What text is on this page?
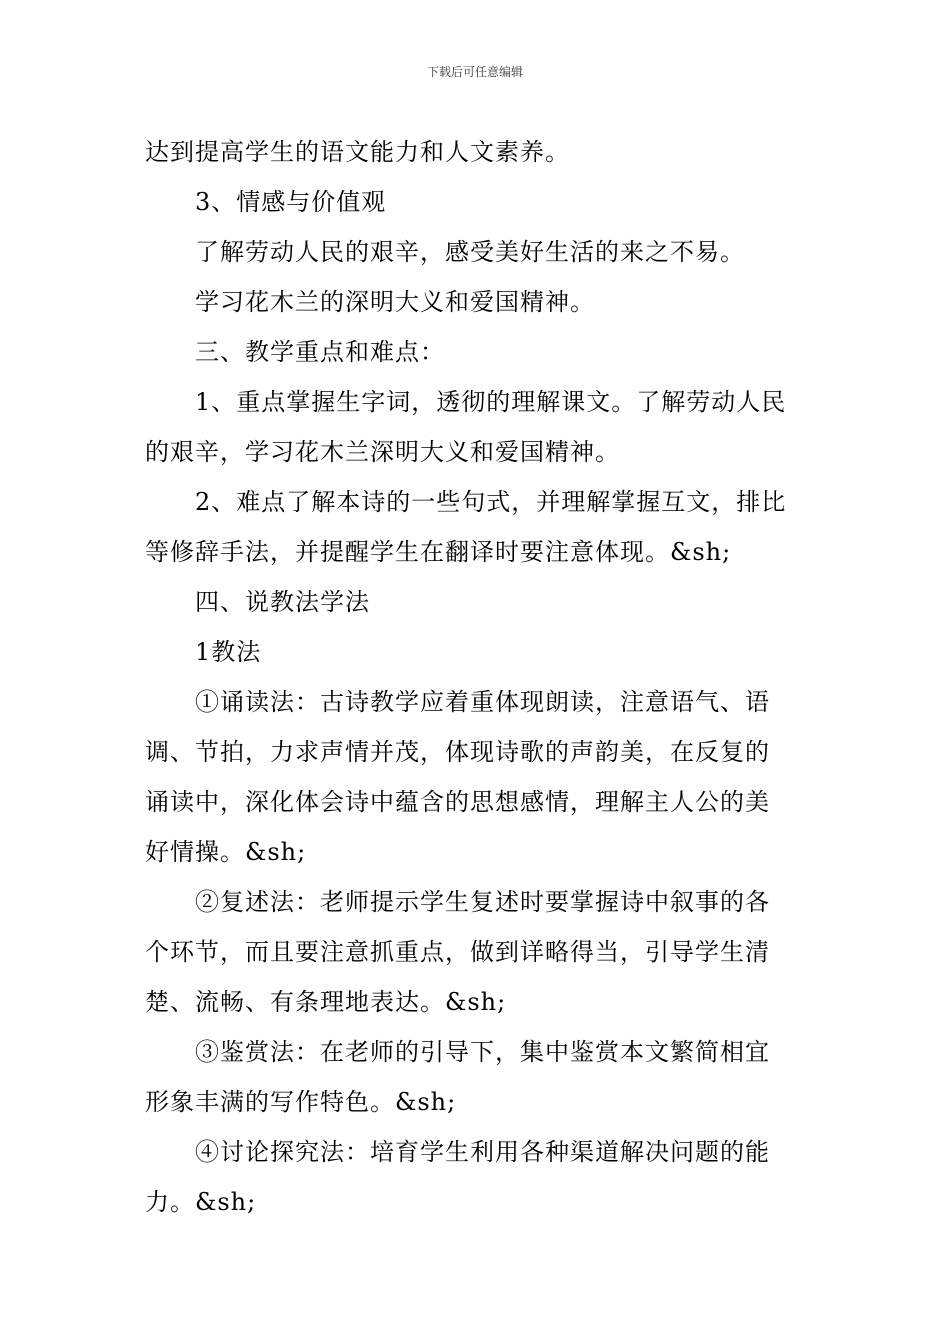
下载后可任意编辑

达到提高学生的语文能力和人文素养。

3、情感与价值观

了解劳动人民的艰辛，感受美好生活的来之不易。

学习花木兰的深明大义和爱国精神。

三、教学重点和难点：

1、重点掌握生字词，透彻的理解课文。了解劳动人民

的艰辛，学习花木兰深明大义和爱国精神。

2、难点了解本诗的一些句式，并理解掌握互文，排比

等修辞手法，并提醒学生在翻译时要注意体现。&sh;

四、说教法学法

1教法

①诵读法：古诗教学应着重体现朗读，注意语气、语

调、节拍，力求声情并茂，体现诗歌的声韵美，在反复的

诵读中，深化体会诗中蕴含的思想感情，理解主人公的美

好情操。&sh;

②复述法：老师提示学生复述时要掌握诗中叙事的各

个环节，而且要注意抓重点，做到详略得当，引导学生清

楚、流畅、有条理地表达。&sh;

③鉴赏法：在老师的引导下，集中鉴赏本文繁简相宜

形象丰满的写作特色。&sh;

④讨论探究法：培育学生利用各种渠道解决问题的能

力。&sh;
